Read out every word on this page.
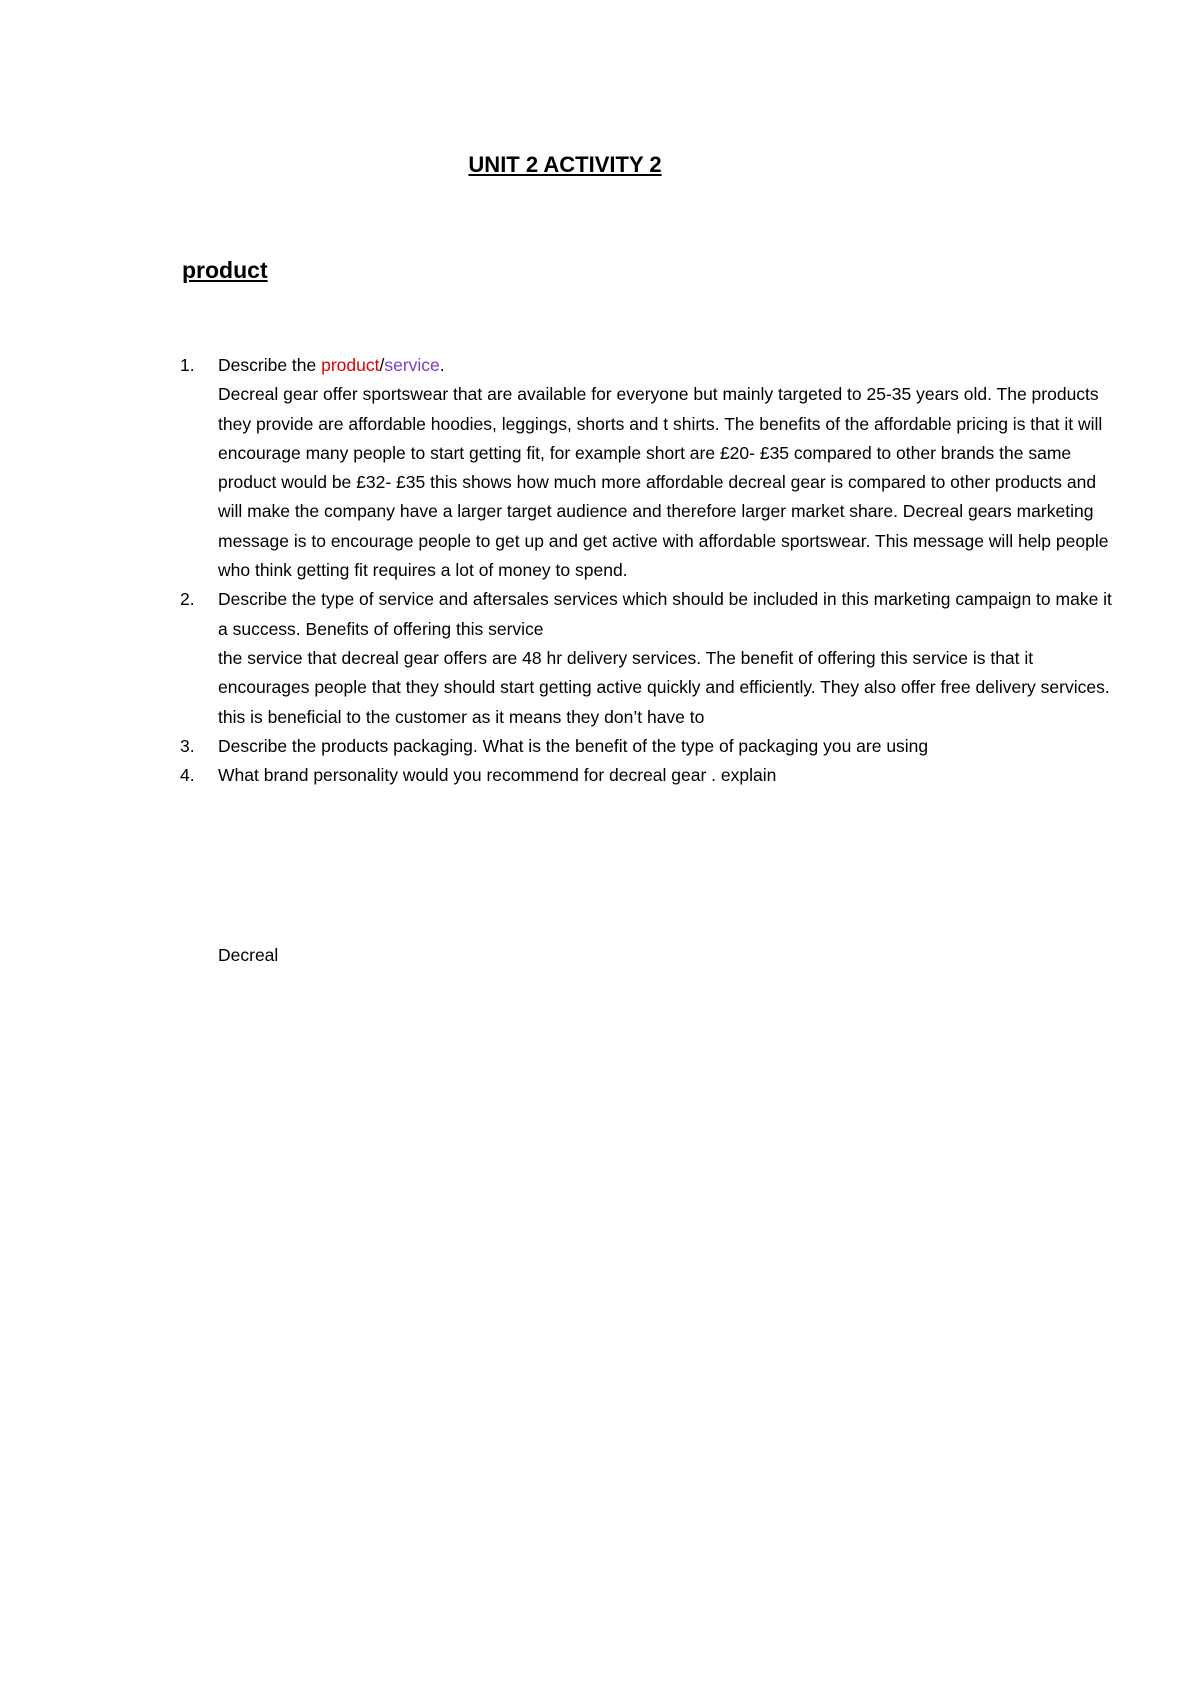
UNIT 2 ACTIVITY 2
product
1. Describe the product/service.

Decreal gear offer sportswear that are available for everyone but mainly targeted to 25-35 years old. The products they provide are affordable hoodies, leggings, shorts and t shirts. The benefits of the affordable pricing is that it will encourage many people to start getting fit, for example short are £20- £35 compared to other brands the same product would be £32- £35 this shows how much more affordable decreal gear is compared to other products and will make the company have a larger target audience and therefore larger market share. Decreal gears marketing message is to encourage people to get up and get active with affordable sportswear. This message will help people who think getting fit requires a lot of money to spend.

2. Describe the type of service and aftersales services which should be included in this marketing campaign to make it a success. Benefits of offering this service

the service that decreal gear offers are 48 hr delivery services. The benefit of offering this service is that it encourages people that they should start getting active quickly and efficiently. They also offer free delivery services. this is beneficial to the customer as it means they don’t have to

3. Describe the products packaging. What is the benefit of the type of packaging you are using

4. What brand personality would you recommend for decreal gear . explain

Decreal
